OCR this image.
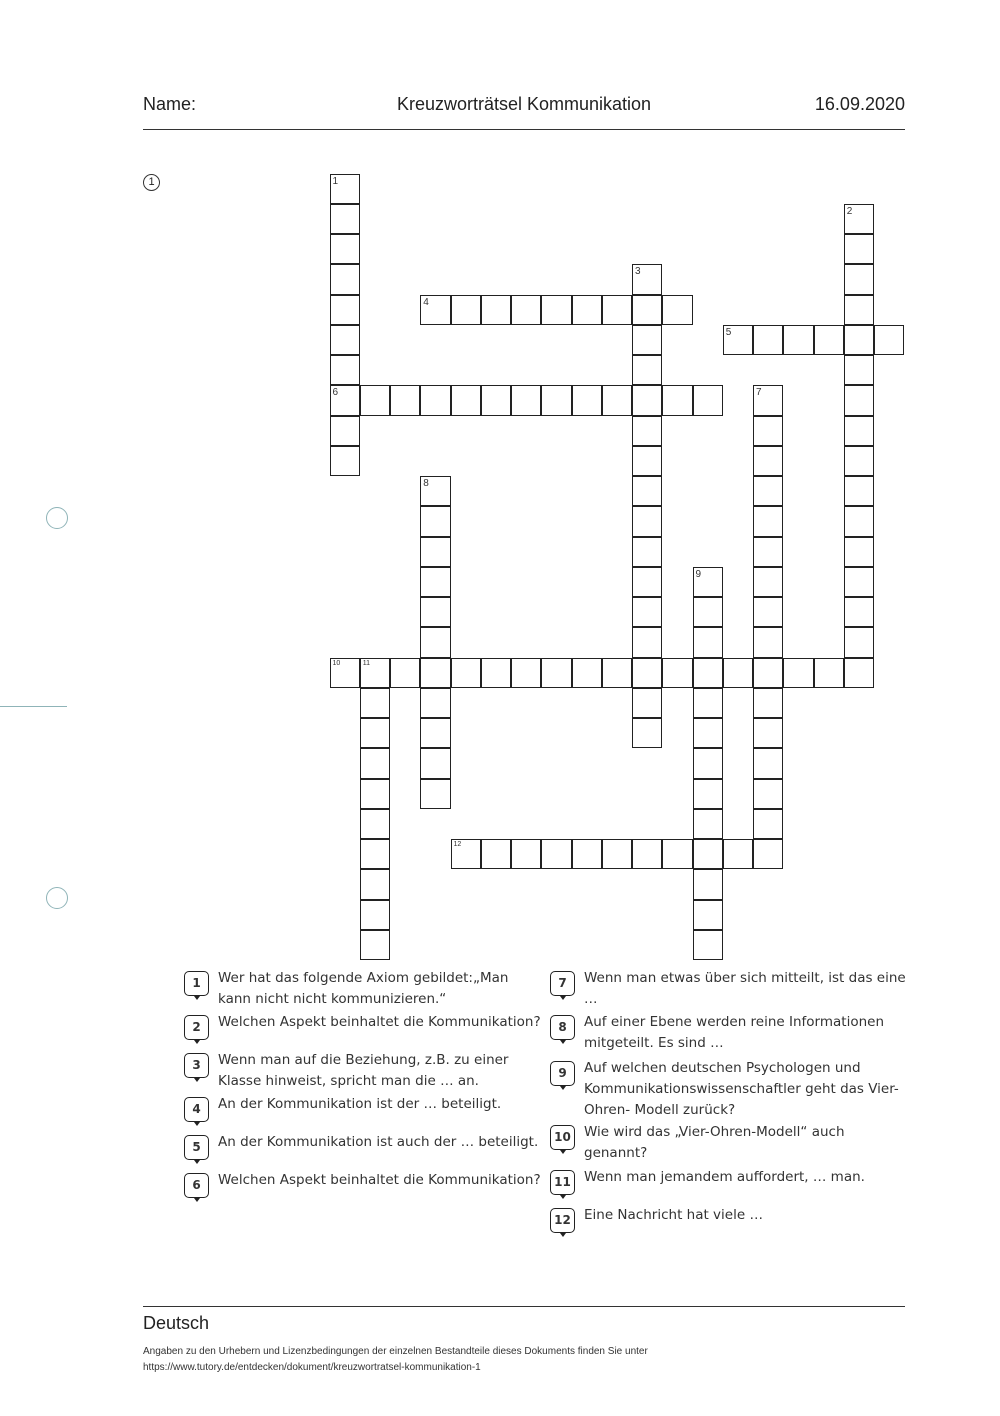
Name:	Kreuzworträtsel Kommunikation	16.09.2020
1	1
6
2
3
4
5
7
8
9
10	11
12
1	Wer hat das folgende Axiom gebildet:„Man kann nicht nicht kommunizieren.“
2	Welchen Aspekt beinhaltet die Kommunikation?
3	Wenn man auf die Beziehung, z.B. zu einer Klasse hinweist, spricht man die … an.
4	An der Kommunikation ist der … beteiligt.
5	An der Kommunikation ist auch der … beteiligt.
6	Welchen Aspekt beinhaltet die Kommunikation?
7	Wenn man etwas über sich mitteilt, ist das eine …
8	Auf einer Ebene werden reine Informationen mitgeteilt. Es sind …
9	Auf welchen deutschen Psychologen und Kommunikationswissenschaftler geht das Vier-Ohren- Modell zurück?
10 Wie wird das „Vier-Ohren-Modell“ auch genannt?
11 Wenn man jemandem auffordert, … man.
12 Eine Nachricht hat viele …
Deutsch
Angaben zu den Urhebern und Lizenzbedingungen der einzelnen Bestandteile dieses Dokuments finden Sie unter
https://www.tutory.de/entdecken/dokument/kreuzwortratsel-kommunikation-1
